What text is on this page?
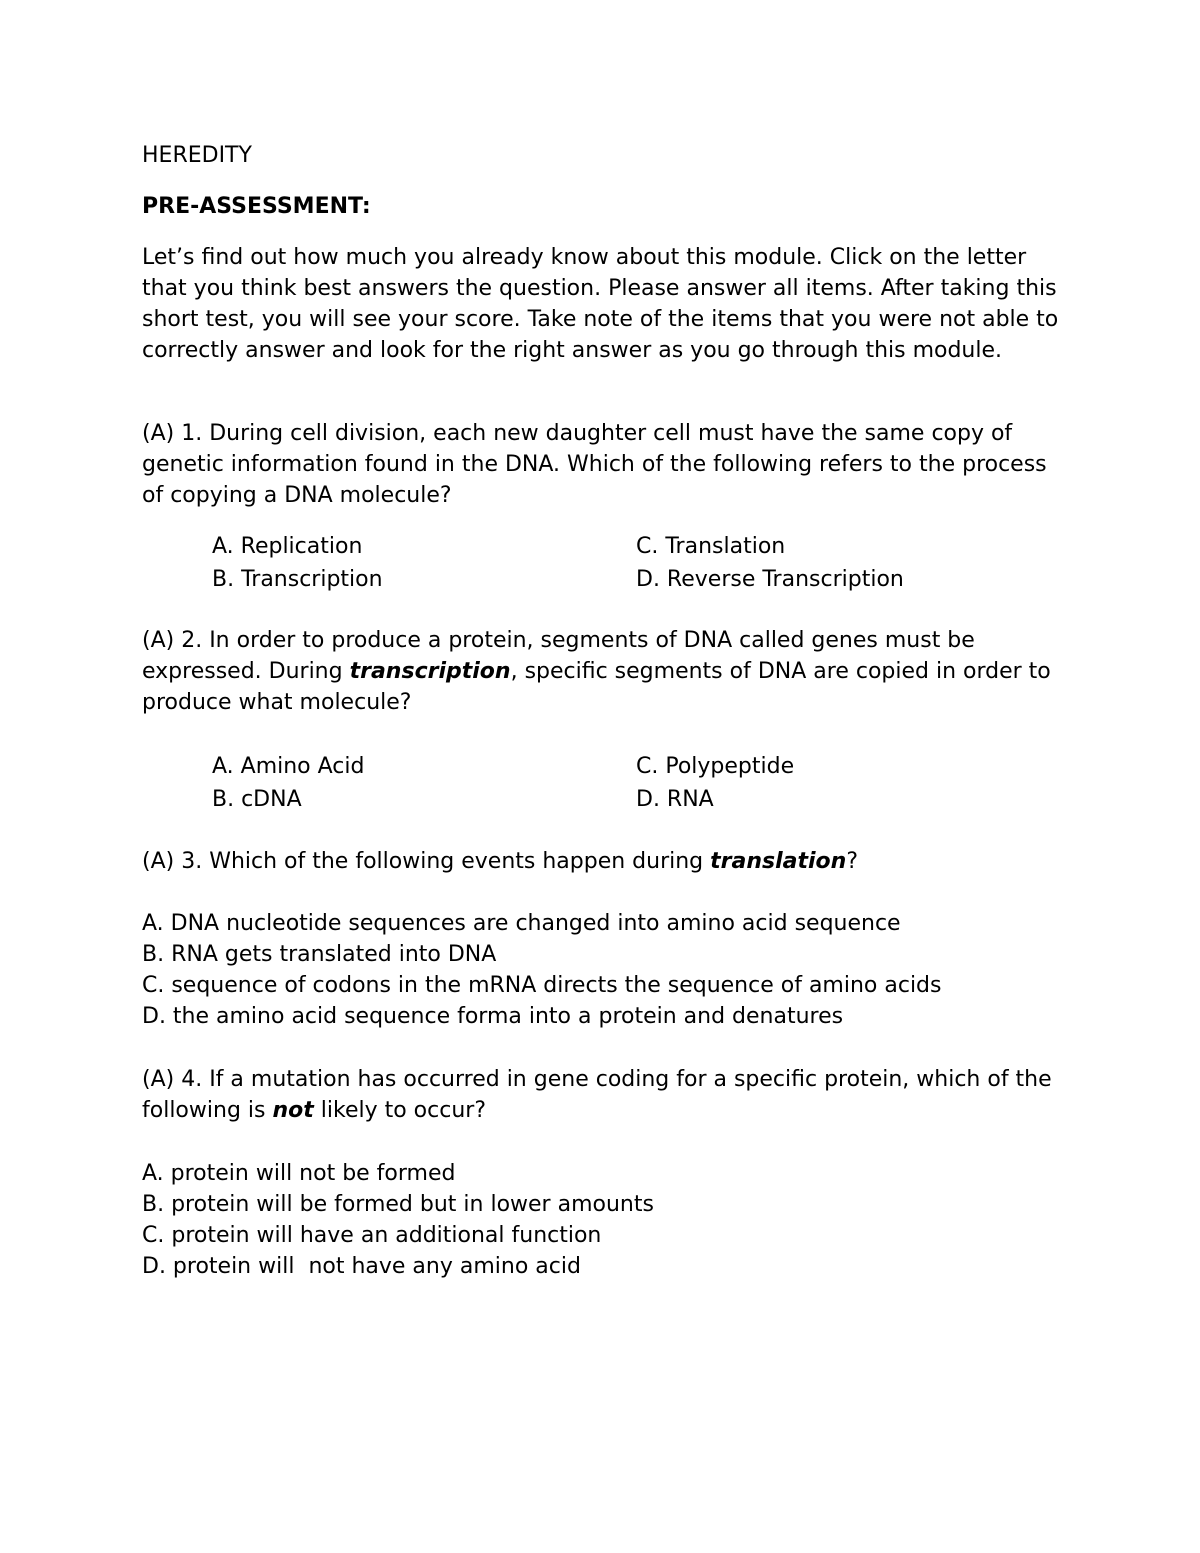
HEREDITY
PRE-ASSESSMENT:

Let’s find out how much you already know about this module. Click on the letter that you think best answers the question. Please answer all items. After taking this short test, you will see your score. Take note of the items that you were not able to correctly answer and look for the right answer as you go through this module.

(A) 1. During cell division, each new daughter cell must have the same copy of genetic information found in the DNA. Which of the following refers to the process of copying a DNA molecule?

A. Replication	C. Translation
B. Transcription	D. Reverse Transcription

(A) 2. In order to produce a protein, segments of DNA called genes must be expressed. During transcription, specific segments of DNA are copied in order to produce what molecule?

A. Amino Acid	C. Polypeptide
B. cDNA	D. RNA

(A) 3. Which of the following events happen during translation?

A. DNA nucleotide sequences are changed into amino acid sequence
B. RNA gets translated into DNA
C. sequence of codons in the mRNA directs the sequence of amino acids
D. the amino acid sequence forma into a protein and denatures

(A) 4. If a mutation has occurred in gene coding for a specific protein, which of the following is not likely to occur?

A. protein will not be formed
B. protein will be formed but in lower amounts
C. protein will have an additional function
D. protein will  not have any amino acid
